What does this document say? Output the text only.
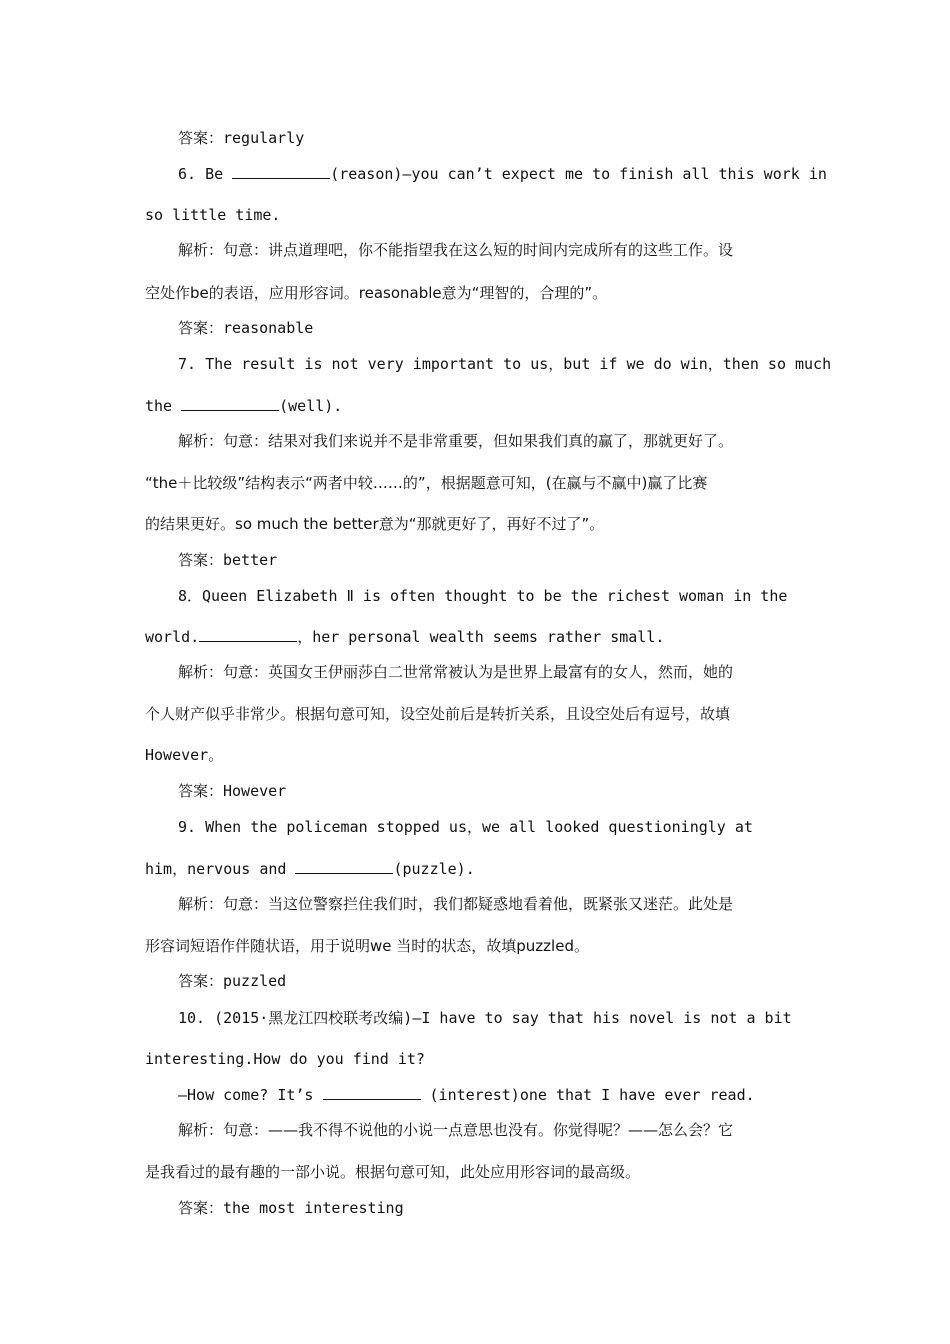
答案：regularly
6. Be	(reason)—you can’t expect me to finish all this work in
so little time.
解析：句意：讲点道理吧，你不能指望我在这么短的时间内完成所有的这些工作。设
空处作be的表语，应用形容词。reasonable意为“理智的，合理的”。
答案：reasonable
7. The result is not very important to us，but if we do win，then so much
the	(well).
解析：句意：结果对我们来说并不是非常重要，但如果我们真的赢了，那就更好了。
“the＋比较级”结构表示“两者中较……的”，根据题意可知，(在赢与不赢中)赢了比赛
的结果更好。so much the better意为“那就更好了，再好不过了”。
答案：better
8．Queen Elizabeth Ⅱ is often thought to be the richest woman in the
world.	，her personal wealth seems rather small.
解析：句意：英国女王伊丽莎白二世常常被认为是世界上最富有的女人，然而，她的
个人财产似乎非常少。根据句意可知，设空处前后是转折关系，且设空处后有逗号，故填
However。
答案：However
9. When the policeman stopped us，we all looked questioningly at
him，nervous and	(puzzle).
解析：句意：当这位警察拦住我们时，我们都疑惑地看着他，既紧张又迷茫。此处是
形容词短语作伴随状语，用于说明we 当时的状态，故填puzzled。
答案：puzzled
10. (2015·黑龙江四校联考改编)—I have to say that his novel is not a bit
interesting.How do you find it?
—How come? It’s	(interest)one that I have ever read.
解析：句意：——我不得不说他的小说一点意思也没有。你觉得呢？——怎么会？它
是我看过的最有趣的一部小说。根据句意可知，此处应用形容词的最高级。
答案：the most interesting
